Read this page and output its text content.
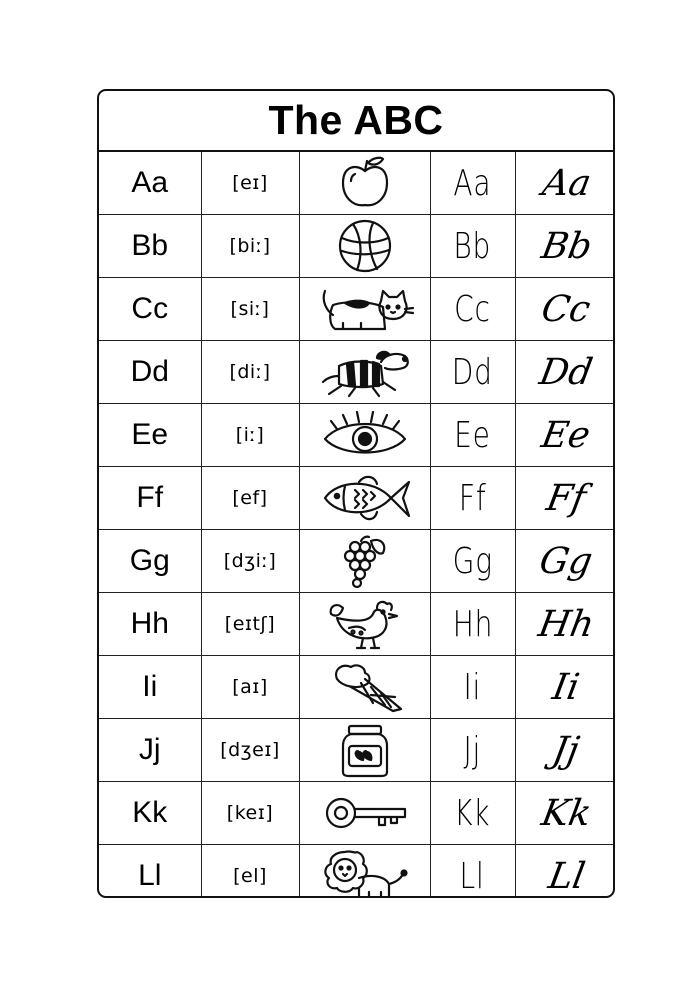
The ABC
Aa	[eɪ]		Aa	Aa
Bb	[biː]		Bb	Bb
Cc	[siː]		Cc	Cc
Dd	[diː]		Dd	Dd
Ee	[iː]		Ee	Ee
Ff	[ef]		Ff	Ff
Gg	[dʒiː]		Gg	Gg
Hh	[eɪtʃ]		Hh	Hh
Ii	[aɪ]		Ii	Ii
Jj	[dʒeɪ]		Jj	Jj
Kk	[keɪ]		Kk	Kk
Ll	[el]		Ll	Ll
